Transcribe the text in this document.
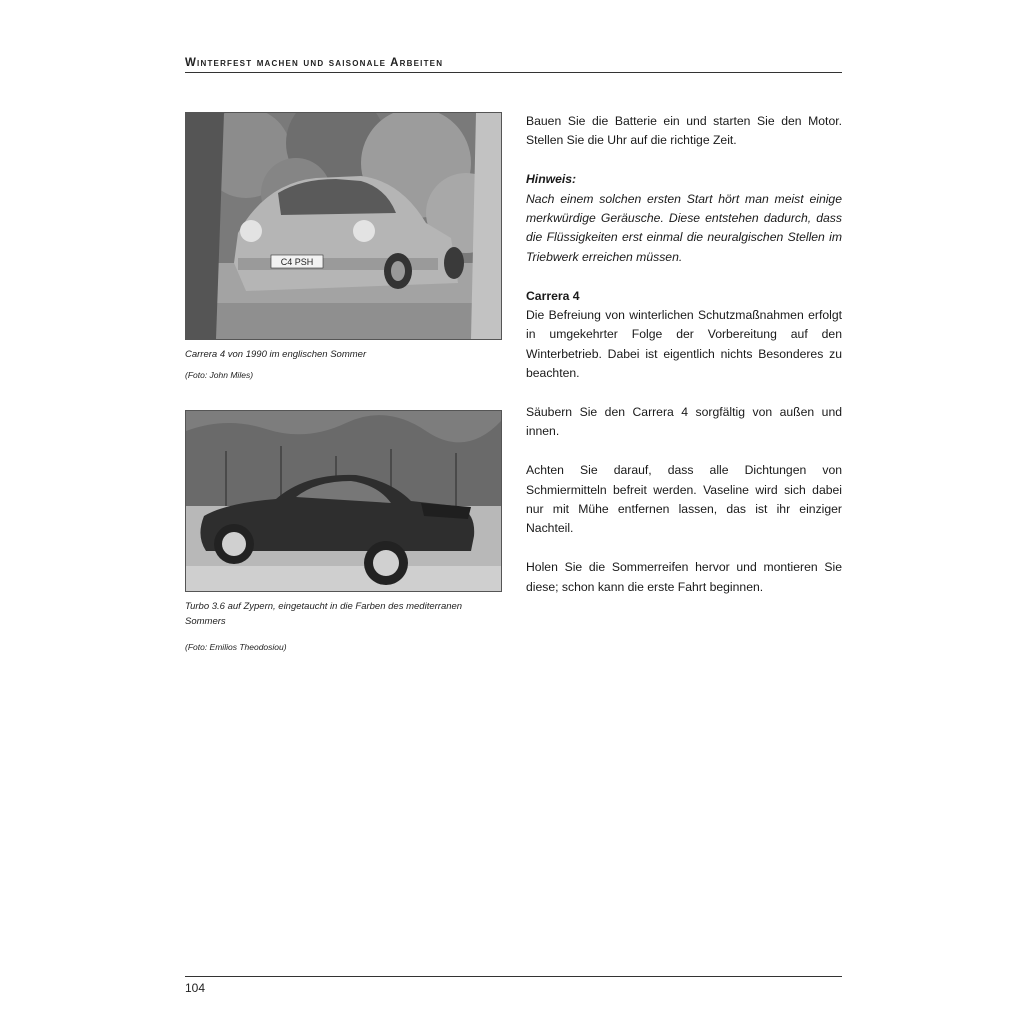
Winterfest machen und saisonale Arbeiten
C4 PSH
Carrera 4 von 1990 im englischen Sommer
(Foto: John Miles)
Turbo 3.6 auf Zypern, eingetaucht in die Farben des mediterranen Sommers
(Foto: Emilios Theodosiou)

Bauen Sie die Batterie ein und starten Sie den Motor. Stellen Sie die Uhr auf die richtige Zeit.

Hinweis:
Nach einem solchen ersten Start hört man meist einige merkwürdige Geräusche. Diese entstehen dadurch, dass die Flüssigkeiten erst einmal die neuralgischen Stellen im Triebwerk erreichen müssen.

Carrera 4
Die Befreiung von winterlichen Schutzmaßnahmen erfolgt in umgekehrter Folge der Vorbereitung auf den Winterbetrieb. Dabei ist eigentlich nichts Besonderes zu beachten.

Säubern Sie den Carrera 4 sorgfältig von außen und innen.

Achten Sie darauf, dass alle Dichtungen von Schmiermitteln befreit werden. Vaseline wird sich dabei nur mit Mühe entfernen lassen, das ist ihr einziger Nachteil.

Holen Sie die Sommerreifen hervor und montieren Sie diese; schon kann die erste Fahrt beginnen.

104
